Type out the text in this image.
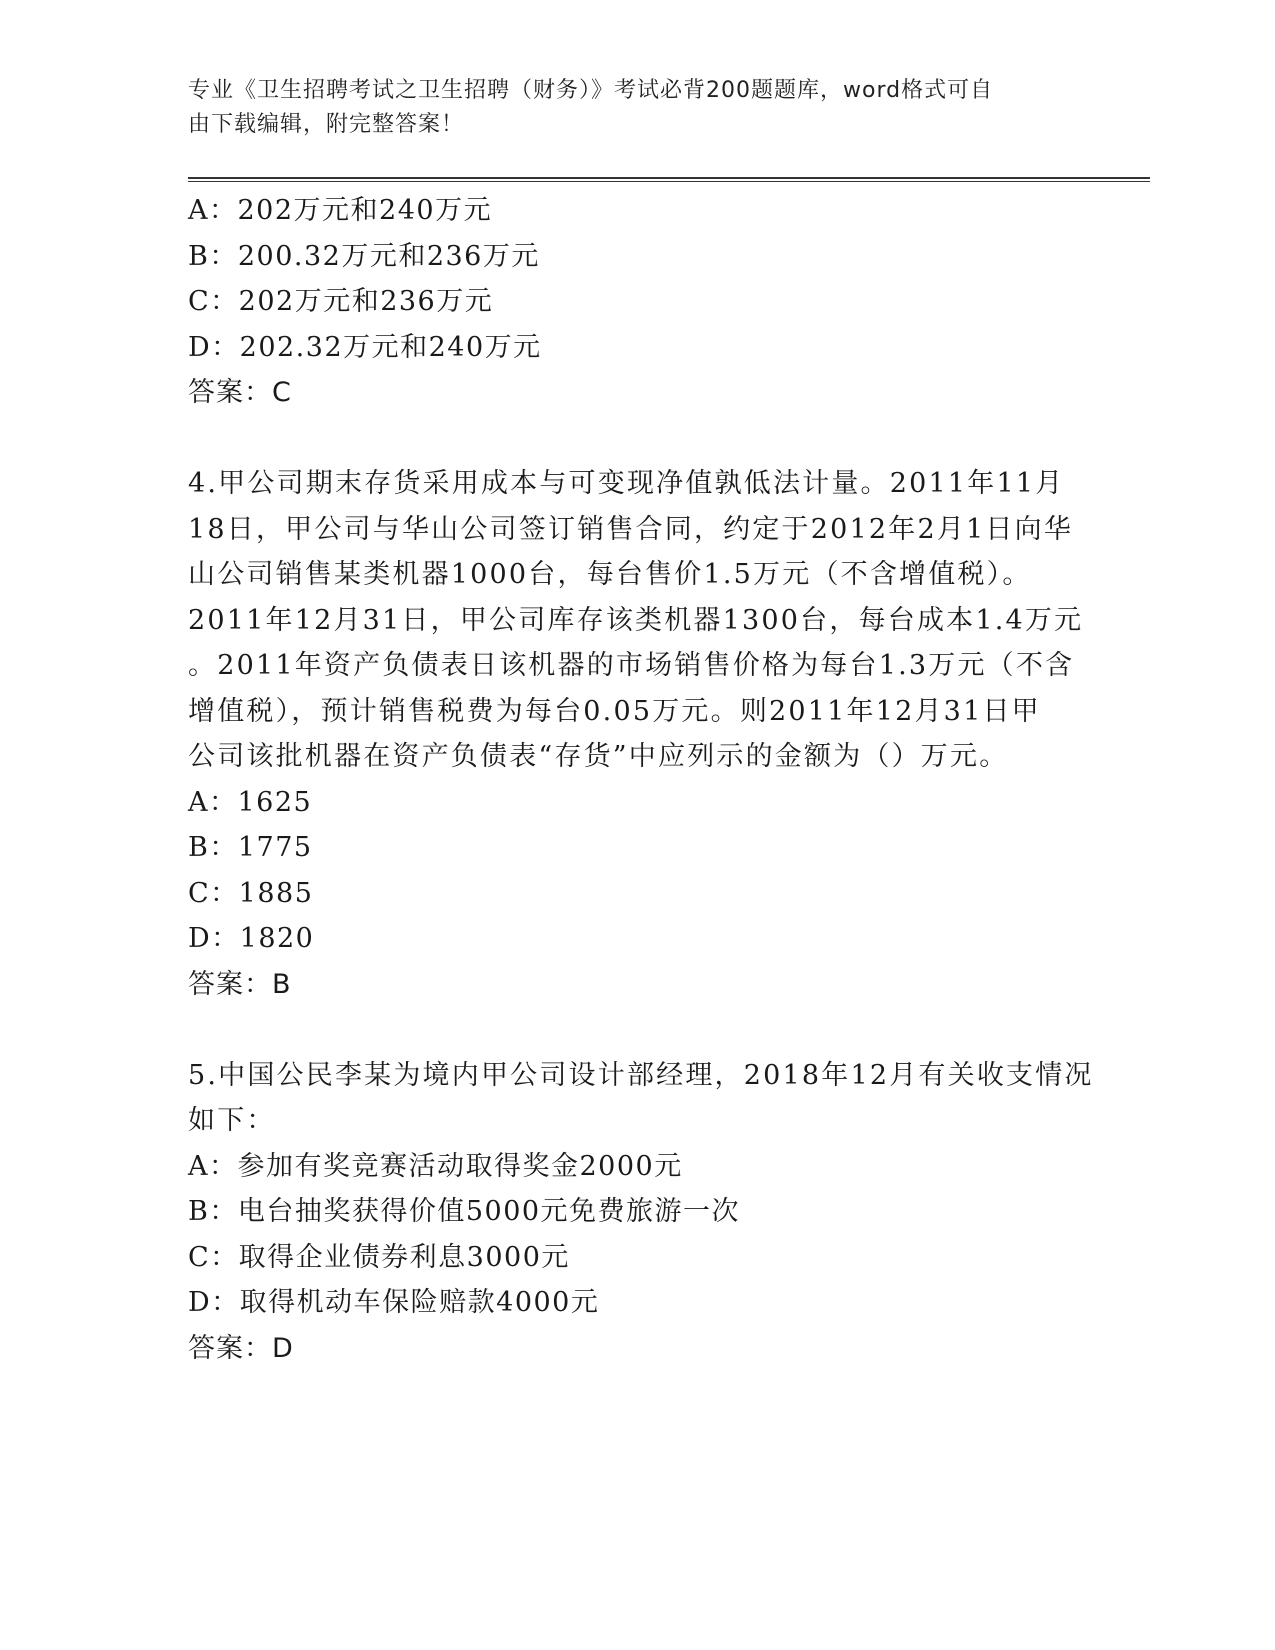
专业《卫生招聘考试之卫生招聘（财务）》考试必背200题题库，word格式可自
由下载编辑，附完整答案！
A：202万元和240万元
B：200.32万元和236万元
C：202万元和236万元
D：202.32万元和240万元
答案：C
4.甲公司期末存货采用成本与可变现净值孰低法计量。2011年11月
18日，甲公司与华山公司签订销售合同，约定于2012年2月1日向华
山公司销售某类机器1000台，每台售价1.5万元（不含增值税）。
2011年12月31日，甲公司库存该类机器1300台，每台成本1.4万元
。2011年资产负债表日该机器的市场销售价格为每台1.3万元（不含
增值税），预计销售税费为每台0.05万元。则2011年12月31日甲
公司该批机器在资产负债表“存货”中应列示的金额为（）万元。
A：1625
B：1775
C：1885
D：1820
答案：B
5.中国公民李某为境内甲公司设计部经理，2018年12月有关收支情况
如下：
A：参加有奖竞赛活动取得奖金2000元
B：电台抽奖获得价值5000元免费旅游一次
C：取得企业债券利息3000元
D：取得机动车保险赔款4000元
答案：D
